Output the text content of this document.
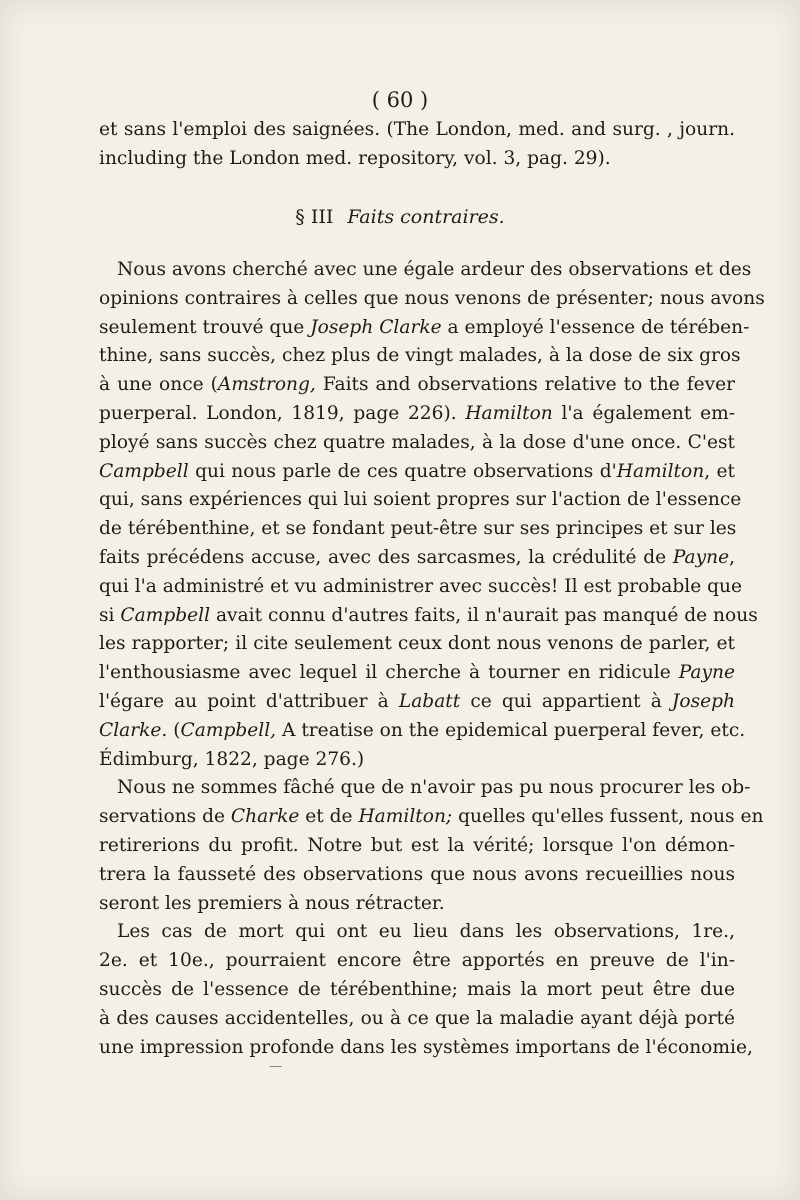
( 60 )
et sans l'emploi des saignées. (The London, med. and surg. , journ.
including the London med. repository, vol. 3, pag. 29).
§ III Faits contraires.
Nous avons cherché avec une égale ardeur des observations et des
opinions contraires à celles que nous venons de présenter; nous avons
seulement trouvé que Joseph Clarke a employé l'essence de térében-
thine, sans succès, chez plus de vingt malades, à la dose de six gros
à une once (Amstrong, Faits and observations relative to the fever
puerperal. London, 1819, page 226). Hamilton l'a également em-
ployé sans succès chez quatre malades, à la dose d'une once. C'est
Campbell qui nous parle de ces quatre observations d'Hamilton, et
qui, sans expériences qui lui soient propres sur l'action de l'essence
de térébenthine, et se fondant peut-être sur ses principes et sur les
faits précédens accuse, avec des sarcasmes, la crédulité de Payne,
qui l'a administré et vu administrer avec succès! Il est probable que
si Campbell avait connu d'autres faits, il n'aurait pas manqué de nous
les rapporter; il cite seulement ceux dont nous venons de parler, et
l'enthousiasme avec lequel il cherche à tourner en ridicule Payne
l'égare au point d'attribuer à Labatt ce qui appartient à Joseph
Clarke. (Campbell, A treatise on the epidemical puerperal fever, etc.
Édimburg, 1822, page 276.)
Nous ne sommes fâché que de n'avoir pas pu nous procurer les ob-
servations de Charke et de Hamilton; quelles qu'elles fussent, nous en
retirerions du profit. Notre but est la vérité; lorsque l'on démon-
trera la fausseté des observations que nous avons recueillies nous
seront les premiers à nous rétracter.
Les cas de mort qui ont eu lieu dans les observations, 1re.,
2e. et 10e., pourraient encore être apportés en preuve de l'in-
succès de l'essence de térébenthine; mais la mort peut être due
à des causes accidentelles, ou à ce que la maladie ayant déjà porté
une impression profonde dans les systèmes importans de l'économie,
